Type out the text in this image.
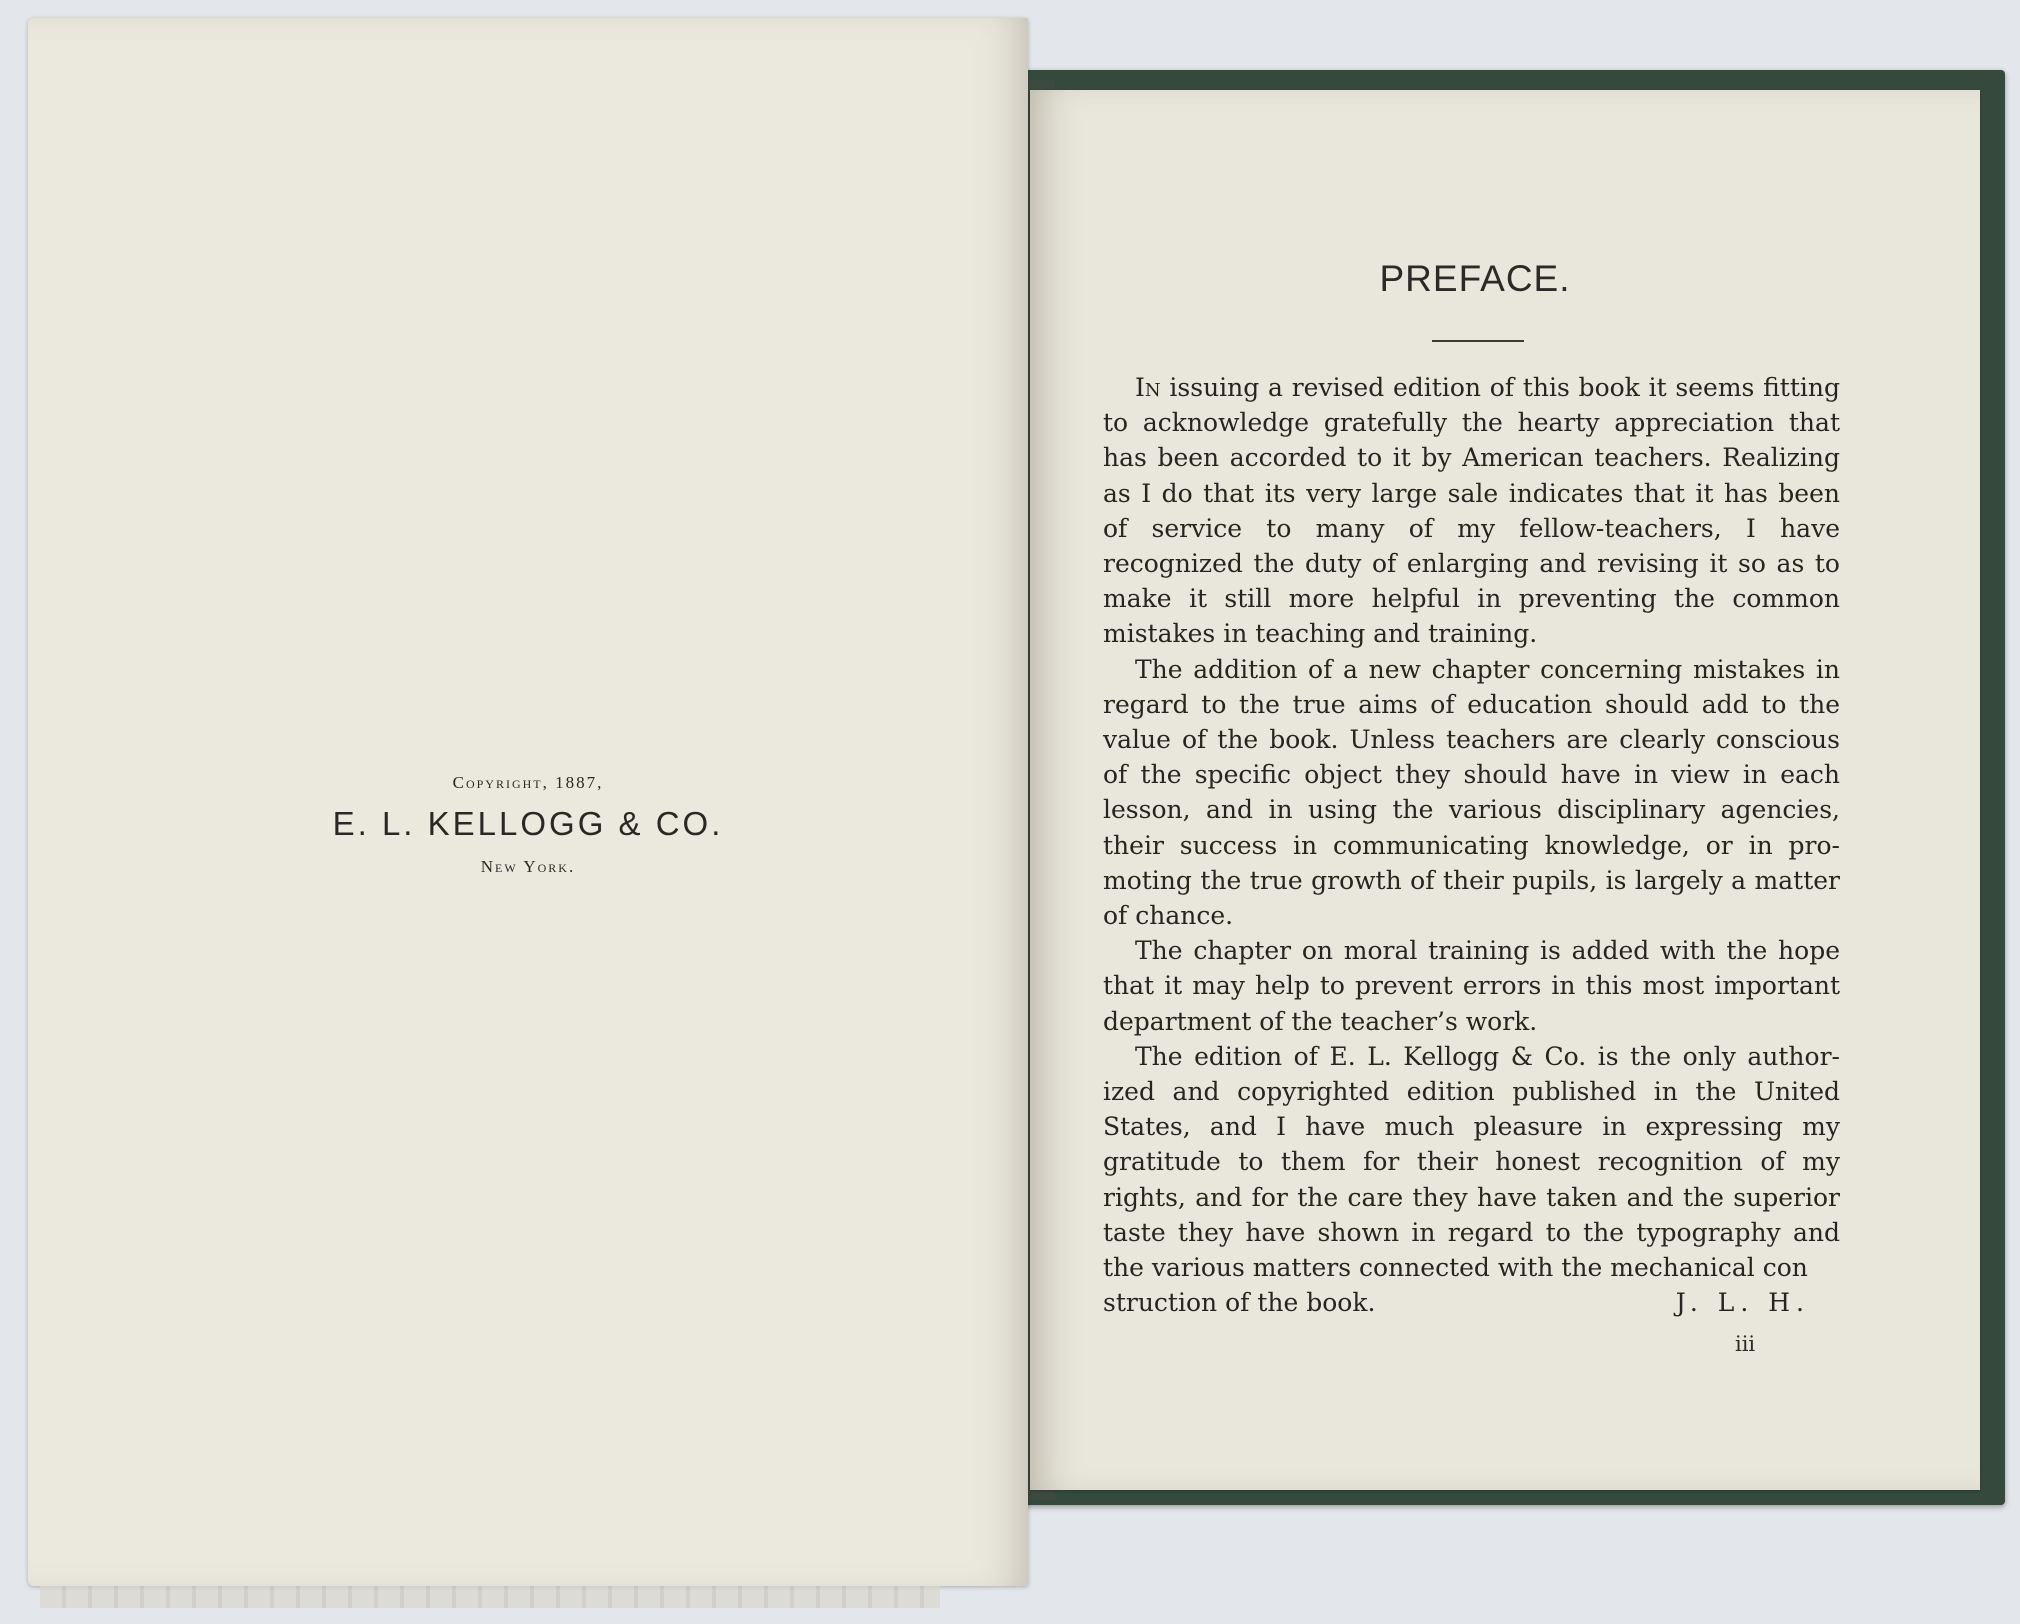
Copyright, 1887,
E. L. KELLOGG & CO.
New York.
PREFACE.

In issuing a revised edition of this book it seems fitting to acknowledge gratefully the hearty appreciation that has been accorded to it by American teachers. Realizing as I do that its very large sale indicates that it has been of service to many of my fellow-teachers, I have recognized the duty of enlarging and revising it so as to make it still more helpful in preventing the common mistakes in teaching and training.

The addition of a new chapter concerning mistakes in regard to the true aims of education should add to the value of the book. Unless teachers are clearly conscious of the specific object they should have in view in each lesson, and in using the various disciplinary agencies, their success in communicating knowledge, or in promoting the true growth of their pupils, is largely a matter of chance.

The chapter on moral training is added with the hope that it may help to prevent errors in this most important department of the teacher’s work.

The edition of E. L. Kellogg & Co. is the only authorized and copyrighted edition published in the United States, and I have much pleasure in expressing my gratitude to them for their honest recognition of my rights, and for the care they have taken and the superior taste they have shown in regard to the typography and the various matters connected with the mechanical con

struction of the book.	J. L. H.
iii
